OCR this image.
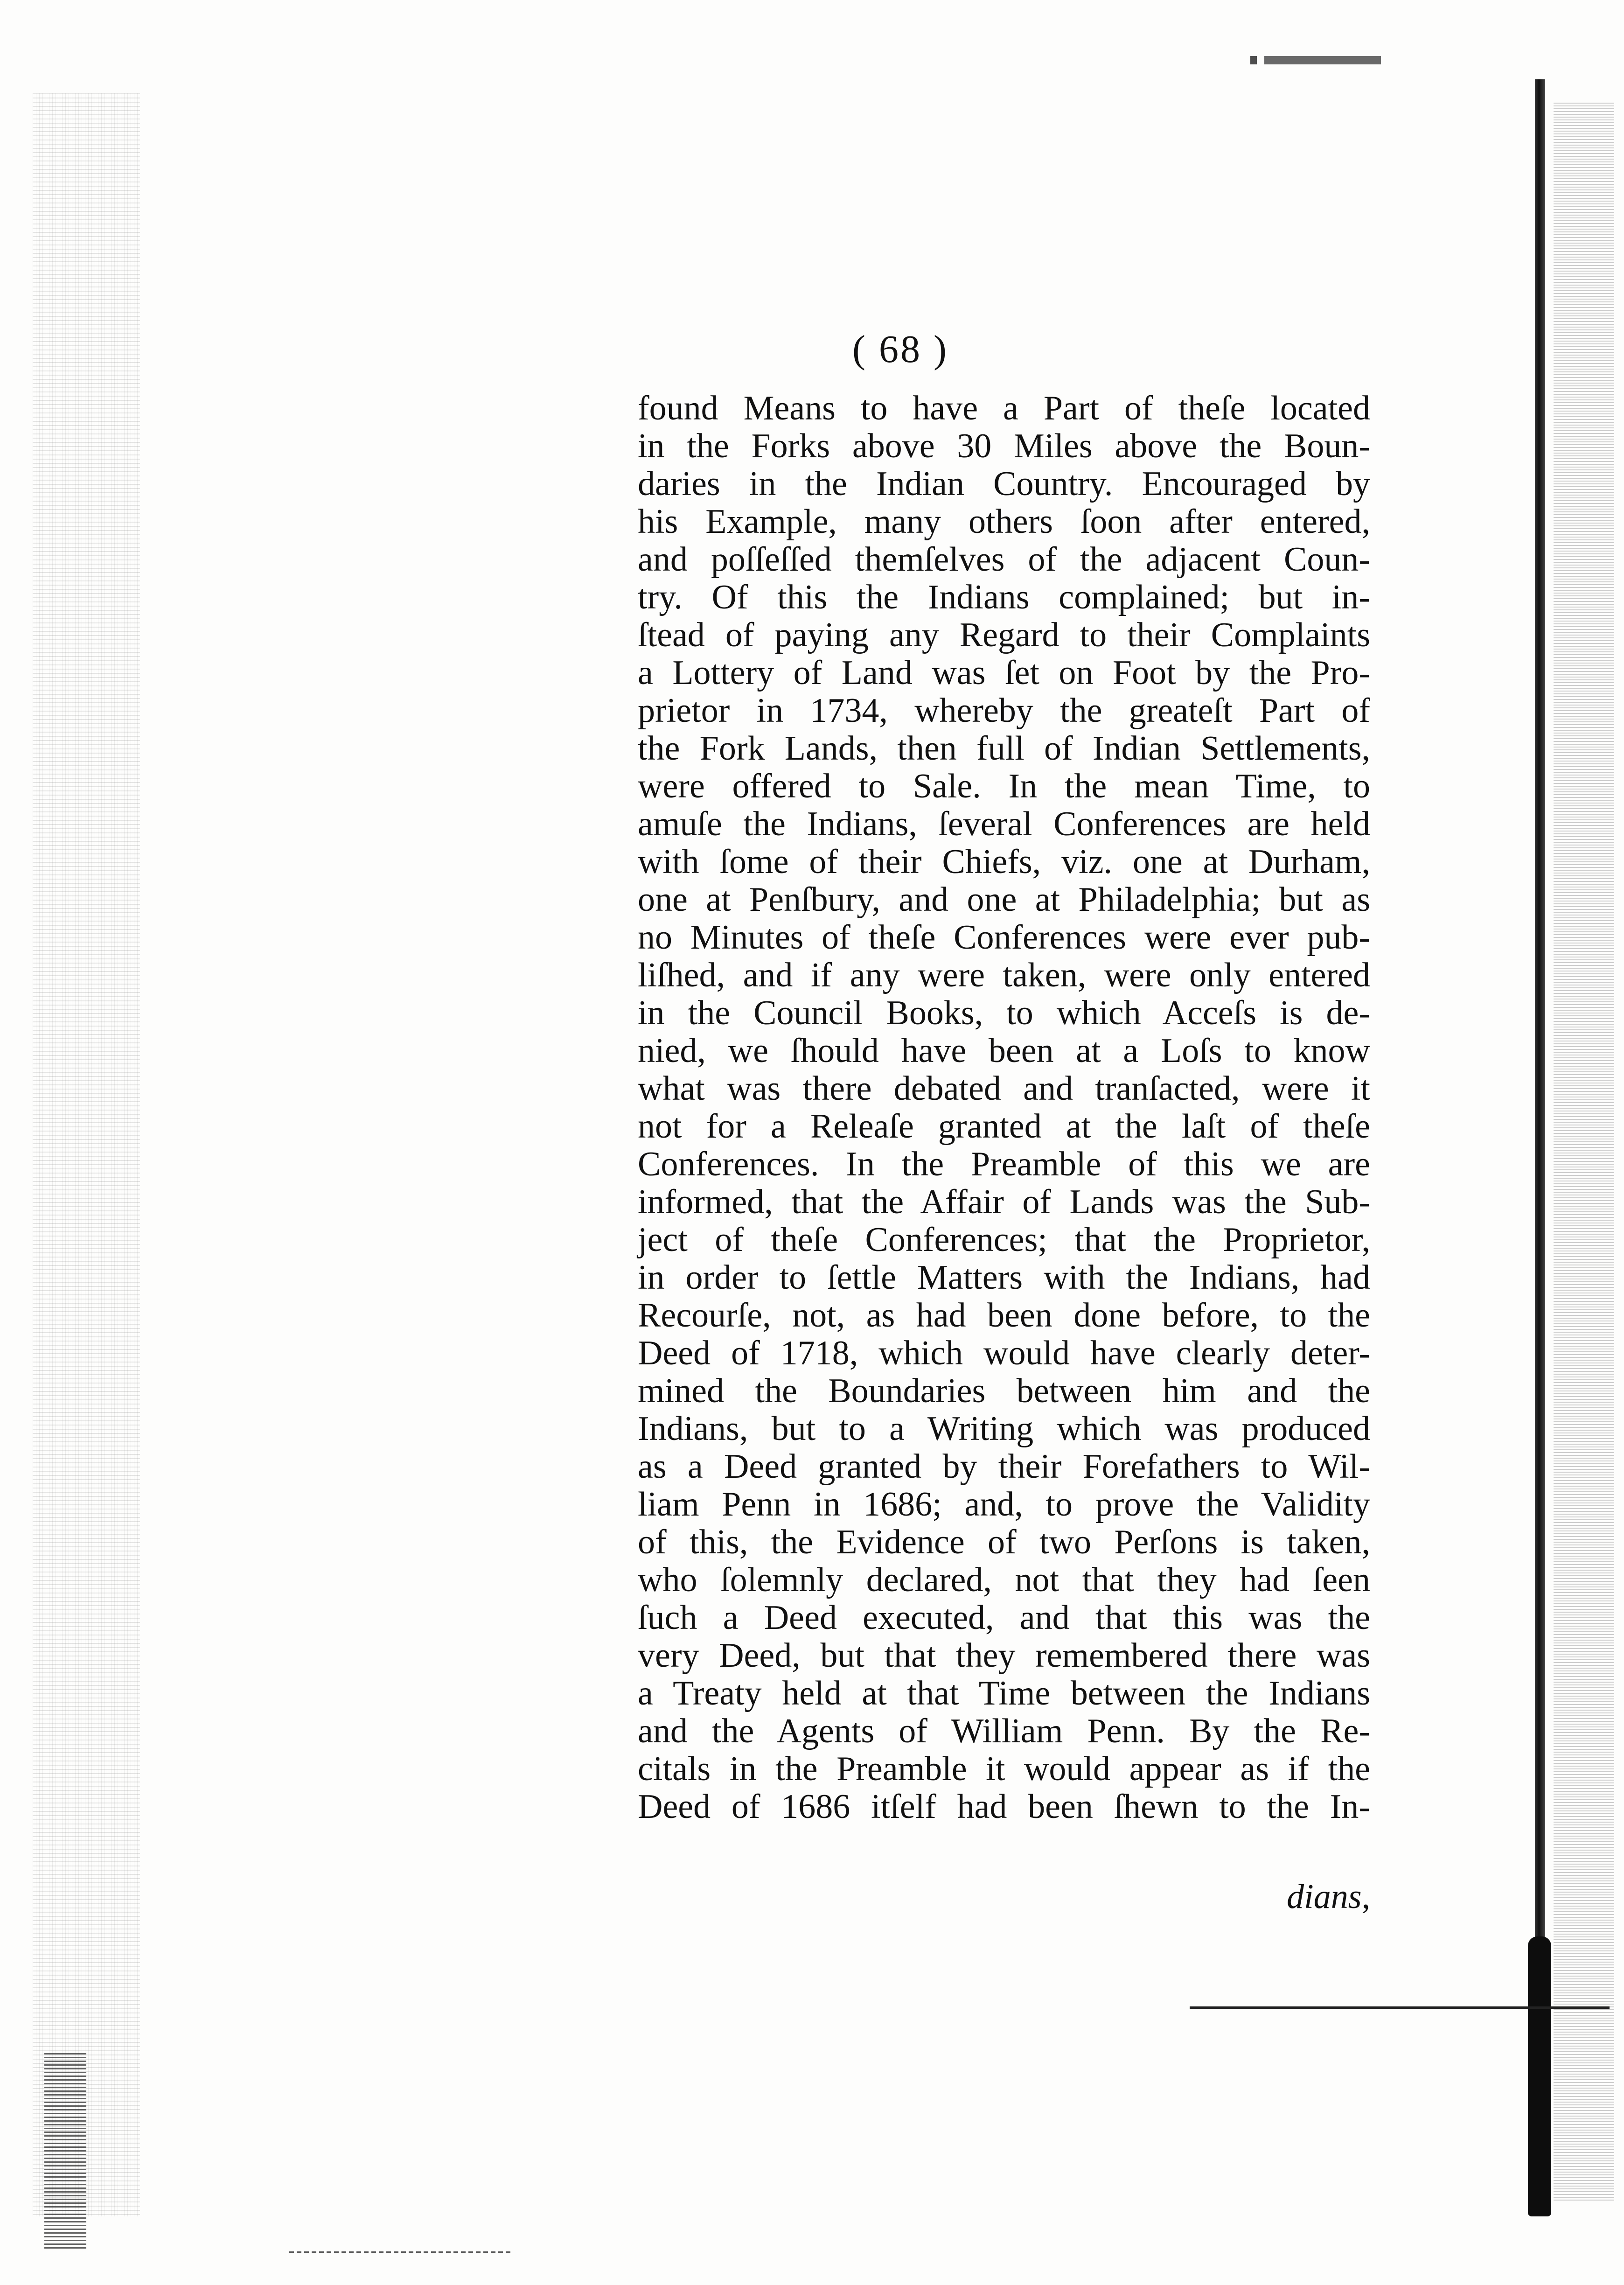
( 68 )
found Means to have a Part of theſe located
in the Forks above 30 Miles above the Boun-
daries in the Indian Country. Encouraged by
his Example, many others ſoon after entered,
and poſſeſſed themſelves of the adjacent Coun-
try. Of this the Indians complained; but in-
ſtead of paying any Regard to their Complaints
a Lottery of Land was ſet on Foot by the Pro-
prietor in 1734, whereby the greateſt Part of
the Fork Lands, then full of Indian Settlements,
were offered to Sale. In the mean Time, to
amuſe the Indians, ſeveral Conferences are held
with ſome of their Chiefs, viz. one at Durham,
one at Penſbury, and one at Philadelphia; but as
no Minutes of theſe Conferences were ever pub-
liſhed, and if any were taken, were only entered
in the Council Books, to which Acceſs is de-
nied, we ſhould have been at a Loſs to know
what was there debated and tranſacted, were it
not for a Releaſe granted at the laſt of theſe
Conferences. In the Preamble of this we are
informed, that the Affair of Lands was the Sub-
ject of theſe Conferences; that the Proprietor,
in order to ſettle Matters with the Indians, had
Recourſe, not, as had been done before, to the
Deed of 1718, which would have clearly deter-
mined the Boundaries between him and the
Indians, but to a Writing which was produced
as a Deed granted by their Forefathers to Wil-
liam Penn in 1686; and, to prove the Validity
of this, the Evidence of two Perſons is taken,
who ſolemnly declared, not that they had ſeen
ſuch a Deed executed, and that this was the
very Deed, but that they remembered there was
a Treaty held at that Time between the Indians
and the Agents of William Penn. By the Re-
citals in the Preamble it would appear as if the
Deed of 1686 itſelf had been ſhewn to the In-
dians,
